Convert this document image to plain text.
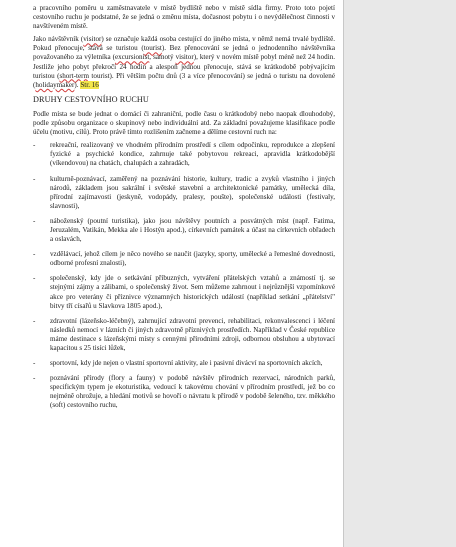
a pracovního poměru u zaměstnavatele v místě bydliště nebo v místě sídla firmy. Proto toto pojetí cestovního ruchu je podstatné, že se jedná o změnu místa, dočasnost pobytu i o nevýdělečnost činnosti v navštíveném místě.

Jako návštěvník (visitor) se označuje každá osoba cestující do jiného místa, v němž nemá trvalé bydliště. Pokud přenocuje, stává se turistou (tourist). Bez přenocování se jedná o jednodenního návštěvníka považovaného za výletníka (excursionist, samotý visitor), který v novém místě pobyl méně než 24 hodin. Jestliže jeho pobyt překročí 24 hodin a alespoň jednou přenocuje, stává se krátkodobě pobývajícím turistou (short-term tourist). Při větším počtu dnů (3 a více přenocování) se jedná o turistu na dovolené (holidaymaker). Str. 16

DRUHY CESTOVNÍHO RUCHU

Podle místa se bude jednat o domácí či zahraniční, podle času o krátkodobý nebo naopak dlouhodobý, podle způsobu organizace o skupinový nebo individuální atd. Za základní považujeme klasifikace podle účelu (motivu, cílů). Proto právě tímto rozlišením začneme a dělíme cestovní ruch na:

- rekreační, realizovaný ve vhodném přírodním prostředí s cílem odpočinku, reprodukce a zlepšení fyzické a psychické kondice, zahrnuje také pobytovou rekreaci, apravidla krátkodobější (víkendovou) na chatách, chalupách a zahradách,
- kulturně-poznávací, zaměřený na poznávání historie, kultury, tradic a zvyků vlastního i jiných národů, základem jsou sakrální i světské stavební a architektonické památky, umělecká díla, přírodní zajímavosti (jeskyně, vodopády, pralesy, poušte), společenské události (festivaly, slavnosti),
- náboženský (poutní turistika), jako jsou návštěvy poutních a posvátných míst (např. Fatima, Jeruzalém, Vatikán, Mekka ale i Hostýn apod.), církevních památek a účast na církevních obřadech a oslavách,
- vzdělávací, jehož cílem je něco nového se naučit (jazyky, sporty, umělecké a řemeslné dovednosti, odborné profesní znalosti),
- společenský, kdy jde o setkávání příbuzných, vytváření přátelských vztahů a známostí tj. se stejnými zájmy a zálibami, o společenský život. Sem můžeme zahrnout i nejrůznější vzpomínkové akce pro veterány či příznivce významných historických událostí (například setkání „přátelství" bitvy tří císařů u Slavkova 1805 apod.),
- zdravotní (lázeňsko-léčebný), zahrnující zdravotní prevenci, rehabilitaci, rekonvalescenci i léčení následků nemocí v lázních či jiných zdravotně příznivých prostředích. Například v České republice máme destinace s lázeňskými místy s cennými přírodními zdroji, odbornou obsluhou a ubytovací kapacitou s 25 tisíci lůžek,
- sportovní, kdy jde nejen o vlastní sportovní aktivity, ale i pasivní divácví na sportovních akcích,
- poznávání přírody (flory a fauny) v podobě návštěv přírodních rezervací, národních parků, specifickým typem je ekoturistika, vedoucí k takovému chování v přírodním prostředí, jež bo co nejméně ohrožuje, a hledání motivů se hovoří o návratu k přírodě v podobě šeleného, tzv. měkkého (soft) cestovního ruchu,
